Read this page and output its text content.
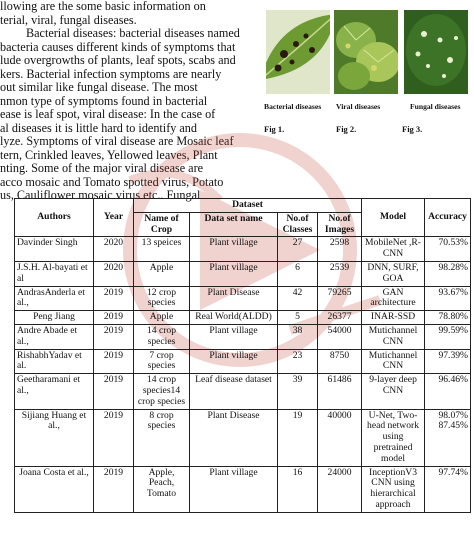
llowing are the some basic information on
terial, viral, fungal diseases.
Bacterial diseases: bacterial diseases named
bacteria causes different kinds of symptoms that
lude overgrowths of plants, leaf spots, scabs and
kers. Bacterial infection symptoms are nearly
out similar like fungal disease. The most
nmon type of symptoms found in bacterial
ease is leaf spot, viral disease: In the case of
al diseases it is little hard to identify and
lyze. Symptoms of viral disease are Mosaic leaf
tern, Crinkled leaves, Yellowed leaves, Plant
nting. Some of the major viral disease are
acco mosaic and Tomato spotted virus, Potato
us, Cauliflower mosaic virus etc.. Fungal
Bacterial diseases Viral diseases	Fungal diseases
Fig 1.	Fig 2.	Fig 3.
Authors	Year	Dataset				Model	Accuracy
		Name of Crop	Data set name	No.of Classes	No.of Images		
Davinder Singh	2020	13 speices	Plant village	27	2598	MobileNet ,R-CNN	70.53%
J.S.H. Al-bayati et al	2020	Apple	Plant village	6	2539	DNN, SURF, GOA	98.28%
AndrasAnderla et al.,	2019	12 crop species	Plant Disease	42	79265	GAN architecture	93.67%
Peng Jiang	2019	Apple	Real World(ALDD)	5	26377	INAR-SSD	78.80%
Andre Abade et al.,	2019	14 crop species	Plant village	38	54000	Mutichannel CNN	99.59%
RishabhYadav et al.	2019	7 crop species	Plant village	23	8750	Mutichannel CNN	97.39%
Geetharamani et al.,	2019	14 crop species14 crop species	Leaf disease dataset	39	61486	9-layer deep CNN	96.46%
Sijiang Huang et al.,	2019	8 crop species	Plant Disease	19	40000	U-Net, Two-head network using pretrained model	98.07% 87.45%
Joana Costa et al.,	2019	Apple, Peach, Tomato	Plant village	16	24000	InceptionV3 CNN using hierarchical approach	97.74%
